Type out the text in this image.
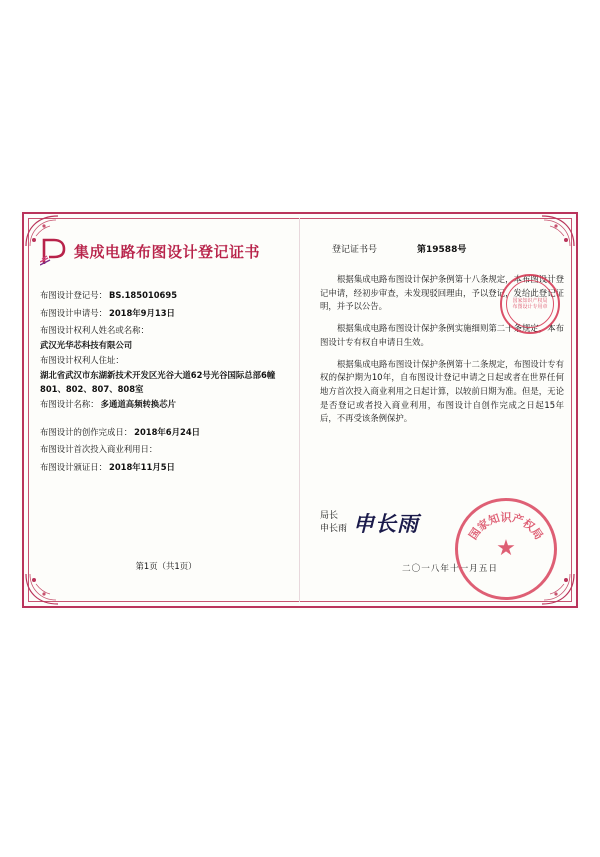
集成电路布图设计登记证书
布图设计登记号： BS.185010695
布图设计申请号： 2018年9月13日
布图设计权利人姓名或名称：
武汉光华芯科技有限公司
布图设计权利人住址：
湖北省武汉市东湖新技术开发区光谷大道62号光谷国际总部6幢801、802、807、808室
布图设计名称： 多通道高频转换芯片
布图设计的创作完成日： 2018年6月24日
布图设计首次投入商业利用日：
布图设计颁证日： 2018年11月5日
第1页（共1页）
登记证书号	第19588号

根据集成电路布图设计保护条例第十八条规定，本布图设计登记申请，经初步审查，未发现驳回理由，予以登记，发给此登记证明，并予以公告。

根据集成电路布图设计保护条例实施细则第二十条规定，本布图设计专有权自申请日生效。

根据集成电路布图设计保护条例第十二条规定，布图设计专有权的保护期为10年，自布图设计登记申请之日起或者在世界任何地方首次投入商业利用之日起计算，以较前日期为准。但是，无论是否登记或者投入商业利用，布图设计自创作完成之日起15年后，不再受该条例保护。

局长
申长雨 申长雨
二〇一八年十一月五日
国家知识产权局 布图设计专用章
国家知识产权局
★
